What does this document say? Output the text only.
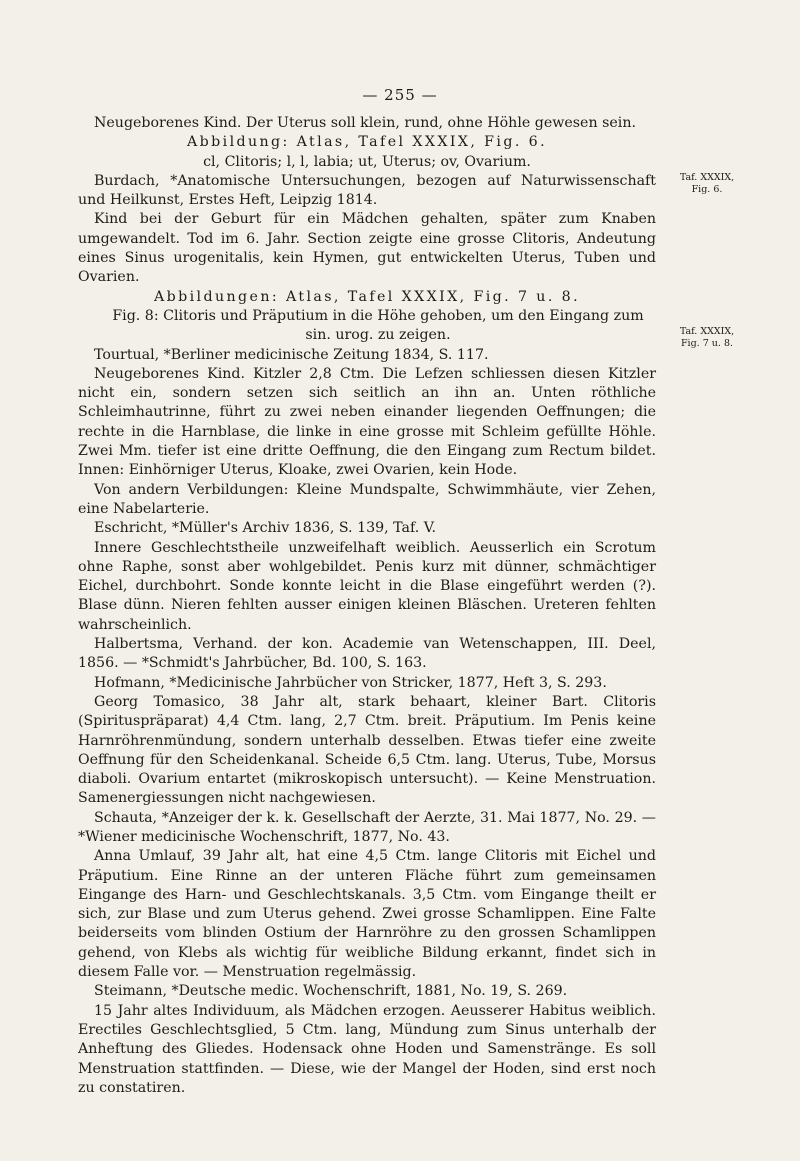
— 255 —
Taf. XXXIX,
Fig. 6.
Taf. XXXIX,
Fig. 7 u. 8.

Neugeborenes Kind. Der Uterus soll klein, rund, ohne Höhle gewesen sein.

Abbildung: Atlas, Tafel XXXIX, Fig. 6.

cl, Clitoris; l, l, labia; ut, Uterus; ov, Ovarium.

Burdach, *Anatomische Untersuchungen, bezogen auf Naturwissenschaft und Heilkunst, Erstes Heft, Leipzig 1814.

Kind bei der Geburt für ein Mädchen gehalten, später zum Knaben umgewandelt. Tod im 6. Jahr. Section zeigte eine grosse Clitoris, Andeutung eines Sinus urogenitalis, kein Hymen, gut entwickelten Uterus, Tuben und Ovarien.

Abbildungen: Atlas, Tafel XXXIX, Fig. 7 u. 8.

Fig. 8: Clitoris und Präputium in die Höhe gehoben, um den Eingang zum sin. urog. zu zeigen.

Tourtual, *Berliner medicinische Zeitung 1834, S. 117.

Neugeborenes Kind. Kitzler 2,8 Ctm. Die Lefzen schliessen diesen Kitzler nicht ein, sondern setzen sich seitlich an ihn an. Unten röthliche Schleimhautrinne, führt zu zwei neben einander liegenden Oeffnungen; die rechte in die Harnblase, die linke in eine grosse mit Schleim gefüllte Höhle. Zwei Mm. tiefer ist eine dritte Oeffnung, die den Eingang zum Rectum bildet. Innen: Einhörniger Uterus, Kloake, zwei Ovarien, kein Hode.

Von andern Verbildungen: Kleine Mundspalte, Schwimmhäute, vier Zehen, eine Nabelarterie.

Eschricht, *Müller's Archiv 1836, S. 139, Taf. V.

Innere Geschlechtstheile unzweifelhaft weiblich. Aeusserlich ein Scrotum ohne Raphe, sonst aber wohlgebildet. Penis kurz mit dünner, schmächtiger Eichel, durchbohrt. Sonde konnte leicht in die Blase eingeführt werden (?). Blase dünn. Nieren fehlten ausser einigen kleinen Bläschen. Ureteren fehlten wahrscheinlich.

Halbertsma, Verhand. der kon. Academie van Wetenschappen, III. Deel, 1856. — *Schmidt's Jahrbücher, Bd. 100, S. 163.

Hofmann, *Medicinische Jahrbücher von Stricker, 1877, Heft 3, S. 293.

Georg Tomasico, 38 Jahr alt, stark behaart, kleiner Bart. Clitoris (Spirituspräparat) 4,4 Ctm. lang, 2,7 Ctm. breit. Präputium. Im Penis keine Harnröhrenmündung, sondern unterhalb desselben. Etwas tiefer eine zweite Oeffnung für den Scheidenkanal. Scheide 6,5 Ctm. lang. Uterus, Tube, Morsus diaboli. Ovarium entartet (mikroskopisch untersucht). — Keine Menstruation. Samenergiessungen nicht nachgewiesen.

Schauta, *Anzeiger der k. k. Gesellschaft der Aerzte, 31. Mai 1877, No. 29. — *Wiener medicinische Wochenschrift, 1877, No. 43.

Anna Umlauf, 39 Jahr alt, hat eine 4,5 Ctm. lange Clitoris mit Eichel und Präputium. Eine Rinne an der unteren Fläche führt zum gemeinsamen Eingange des Harn- und Geschlechtskanals. 3,5 Ctm. vom Eingange theilt er sich, zur Blase und zum Uterus gehend. Zwei grosse Schamlippen. Eine Falte beiderseits vom blinden Ostium der Harnröhre zu den grossen Schamlippen gehend, von Klebs als wichtig für weibliche Bildung erkannt, findet sich in diesem Falle vor. — Menstruation regelmässig.

Steimann, *Deutsche medic. Wochenschrift, 1881, No. 19, S. 269.

15 Jahr altes Individuum, als Mädchen erzogen. Aeusserer Habitus weiblich. Erectiles Geschlechtsglied, 5 Ctm. lang, Mündung zum Sinus unterhalb der Anheftung des Gliedes. Hodensack ohne Hoden und Samenstränge. Es soll Menstruation stattfinden. — Diese, wie der Mangel der Hoden, sind erst noch zu constatiren.
